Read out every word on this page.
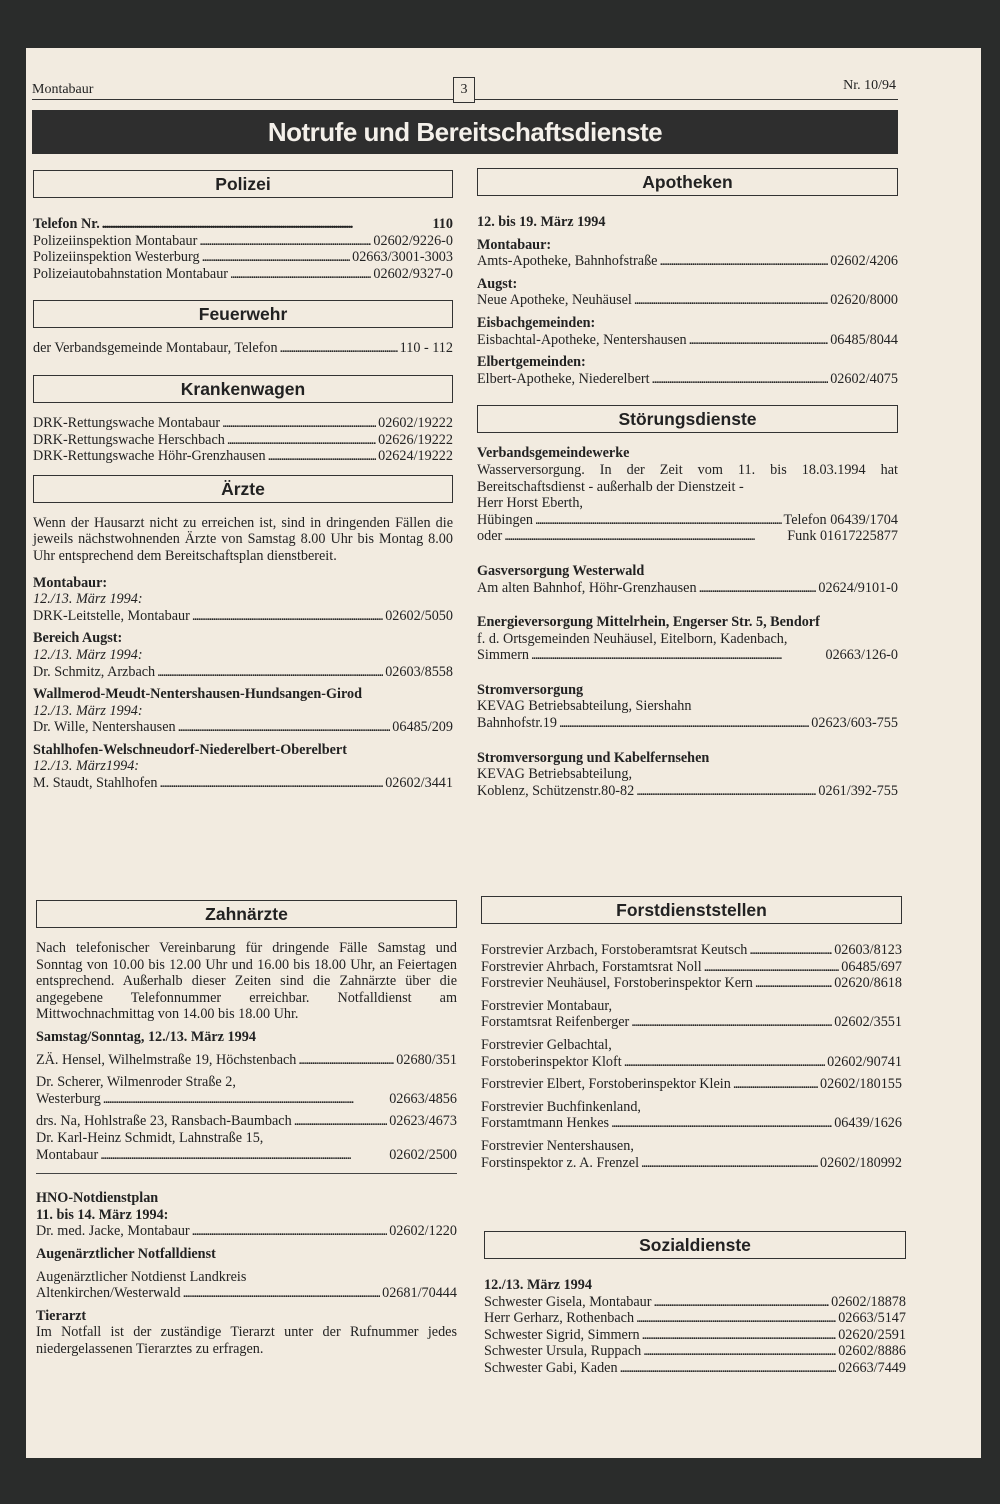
Montabaur	3	Nr. 10/94
Notrufe und Bereitschaftsdienste
Polizei
Telefon Nr. . . .	110
Polizeiinspektion Montabaur . . .	02602/9226-0
Polizeiinspektion Westerburg . . .	02663/3001-3003
Polizeiautobahnstation Montabaur . . .	02602/9327-0
Feuerwehr
der Verbandsgemeinde Montabaur, Telefon . . .	110 - 112
Krankenwagen
DRK-Rettungswache Montabaur . . .	02602/19222
DRK-Rettungswache Herschbach . . .	02626/19222
DRK-Rettungswache Höhr-Grenzhausen . . .	02624/19222
Ärzte
Wenn der Hausarzt nicht zu erreichen ist, sind in dringenden Fällen die jeweils nächstwohnenden Ärzte von Samstag 8.00 Uhr bis Montag 8.00 Uhr entsprechend dem Bereitschaftsplan dienstbereit.
Montabaur:
12./13. März 1994:
DRK-Leitstelle, Montabaur . . .	02602/5050
Bereich Augst:
12./13. März 1994:
Dr. Schmitz, Arzbach . . .	02603/8558
Wallmerod-Meudt-Nentershausen-Hundsangen-Girod
12./13. März 1994:
Dr. Wille, Nentershausen . . .	06485/209
Stahlhofen-Welschneudorf-Niederelbert-Oberelbert
12./13. März1994:
M. Staudt, Stahlhofen . . .	02602/3441
Zahnärzte
Nach telefonischer Vereinbarung für dringende Fälle Samstag und Sonntag von 10.00 bis 12.00 Uhr und 16.00 bis 18.00 Uhr, an Feiertagen entsprechend. Außerhalb dieser Zeiten sind die Zahnärzte über die angegebene Telefonnummer erreichbar. Notfalldienst am Mittwochnachmittag von 14.00 bis 18.00 Uhr.
Samstag/Sonntag, 12./13. März 1994
ZÄ. Hensel, Wilhelmstraße 19, Höchstenbach . . .	02680/351
Dr. Scherer, Wilmenroder Straße 2,
Westerburg . . .	02663/4856
drs. Na, Hohlstraße 23, Ransbach-Baumbach . . .	02623/4673
Dr. Karl-Heinz Schmidt, Lahnstraße 15,
Montabaur . . .	02602/2500
HNO-Notdienstplan
11. bis 14. März 1994:
Dr. med. Jacke, Montabaur . . .	02602/1220
Augenärztlicher Notfalldienst
Augenärztlicher Notdienst Landkreis
Altenkirchen/Westerwald . . .	02681/70444
Tierarzt
Im Notfall ist der zuständige Tierarzt unter der Rufnummer jedes niedergelassenen Tierarztes zu erfragen.
Apotheken
12. bis 19. März 1994
Montabaur:
Amts-Apotheke, Bahnhofstraße . . .	02602/4206
Augst:
Neue Apotheke, Neuhäusel . . .	02620/8000
Eisbachgemeinden:
Eisbachtal-Apotheke, Nentershausen . . .	06485/8044
Elbertgemeinden:
Elbert-Apotheke, Niederelbert . . .	02602/4075
Störungsdienste
Verbandsgemeindewerke
Wasserversorgung. In der Zeit vom 11. bis 18.03.1994 hat Bereitschaftsdienst - außerhalb der Dienstzeit -
Herr Horst Eberth,
Hübingen . . .	Telefon 06439/1704
oder . . .	Funk 01617225877
Gasversorgung Westerwald
Am alten Bahnhof, Höhr-Grenzhausen . . .	02624/9101-0
Energieversorgung Mittelrhein, Engerser Str. 5, Bendorf
f. d. Ortsgemeinden Neuhäusel, Eitelborn, Kadenbach,
Simmern . . .	02663/126-0
Stromversorgung
KEVAG Betriebsabteilung, Siershahn
Bahnhofstr.19 . . .	02623/603-755
Stromversorgung und Kabelfernsehen
KEVAG Betriebsabteilung,
Koblenz, Schützenstr.80-82 . . .	0261/392-755
Forstdienststellen
Forstrevier Arzbach, Forstoberamtsrat Keutsch . . .	02603/8123
Forstrevier Ahrbach, Forstamtsrat Noll . . .	06485/697
Forstrevier Neuhäusel, Forstoberinspektor Kern . . .	02620/8618
Forstrevier Montabaur,
Forstamtsrat Reifenberger . . .	02602/3551
Forstrevier Gelbachtal,
Forstoberinspektor Kloft . . .	02602/90741
Forstrevier Elbert, Forstoberinspektor Klein . . .	02602/180155
Forstrevier Buchfinkenland,
Forstamtmann Henkes . . .	06439/1626
Forstrevier Nentershausen,
Forstinspektor z. A. Frenzel . . .	02602/180992
Sozialdienste
12./13. März 1994
Schwester Gisela, Montabaur . . .	02602/18878
Herr Gerharz, Rothenbach . . .	02663/5147
Schwester Sigrid, Simmern . . .	02620/2591
Schwester Ursula, Ruppach . . .	02602/8886
Schwester Gabi, Kaden . . .	02663/7449
